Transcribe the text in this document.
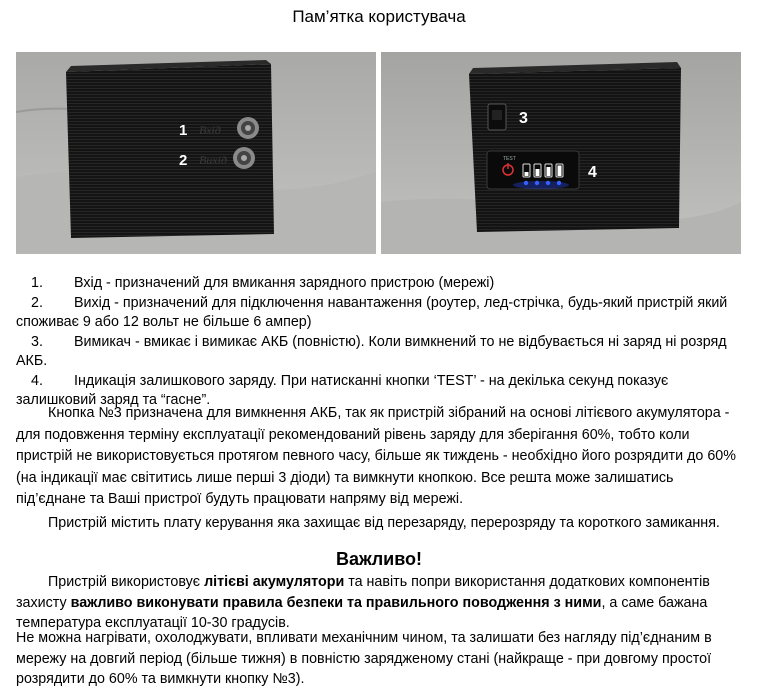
Пам’ятка користувача
1
2
Вхід
Вихід
3
TEST
4
1. Вхід - призначений для вмикання зарядного пристрою (мережі)
2. Вихід - призначений для підключення навантаження (роутер, лед-стрічка, будь-який пристрій який споживає 9 або 12 вольт не більше 6 ампер)
3. Вимикач - вмикає і вимикає АКБ (повністю). Коли вимкнений то не відбувається ні заряд ні розряд АКБ.
4. Індикація залишкового заряду. При натисканні кнопки ‘TEST’ - на декілька секунд показує залишковий заряд та “гасне”.
Кнопка №3 призначена для вимкнення АКБ, так як пристрій зібраний на основі літієвого акумулятора - для подовження терміну експлуатації рекомендований рівень заряду для зберігання 60%, тобто коли пристрій не використовується протягом певного часу, більше як тиждень - необхідно його розрядити до 60% (на індикації має світитись лише перші 3 діоди) та вимкнути кнопкою. Все решта може залишатись під’єднане та Ваші пристрої будуть працювати напряму від мережі.
Пристрій містить плату керування яка захищає від перезаряду, перерозряду та короткого замикання.
Важливо!
Пристрій використовує літієві акумулятори та навіть попри використання додаткових компонентів захисту важливо виконувати правила безпеки та правильного поводження з ними, а саме бажана температура експлуатації 10-30 градусів.
Не можна нагрівати, охолоджувати, впливати механічним чином, та залишати без нагляду під’єднаним в мережу на довгий період (більше тижня) в повністю зарядженому стані (найкраще - при довгому простої розрядити до 60% та вимкнути кнопку №3).
